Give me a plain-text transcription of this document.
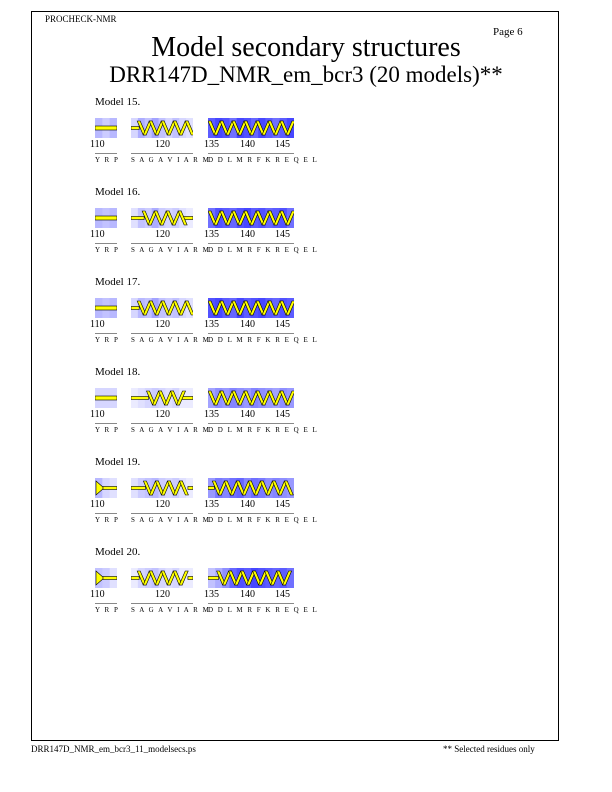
PROCHECK-NMR
Page 6
Model secondary structures
DRR147D_NMR_em_bcr3 (20 models)**
Model 15.
110
Y R P
120
S A G A V I A R M
135 140 145
D D L M R F K R E Q E L
Model 16.
110
Y R P
120
S A G A V I A R M
135 140 145
D D L M R F K R E Q E L
Model 17.
110
Y R P
120
S A G A V I A R M
135 140 145
D D L M R F K R E Q E L
Model 18.
110
Y R P
120
S A G A V I A R M
135 140 145
D D L M R F K R E Q E L
Model 19.
110
Y R P
120
S A G A V I A R M
135 140 145
D D L M R F K R E Q E L
Model 20.
110
Y R P
120
S A G A V I A R M
135 140 145
D D L M R F K R E Q E L
DRR147D_NMR_em_bcr3_11_modelsecs.ps	** Selected residues only
